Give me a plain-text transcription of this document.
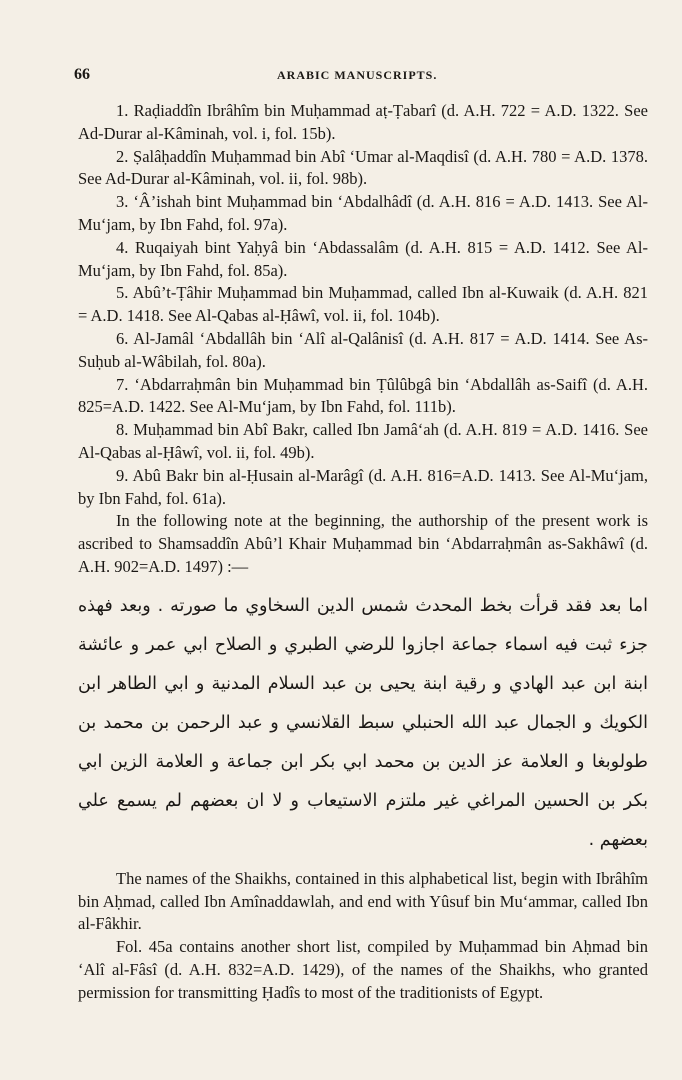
66	ARABIC MANUSCRIPTS.

1. Raḍiaddîn Ibrâhîm bin Muḥammad aṭ-Ṭabarî (d. A.H. 722 = A.D. 1322. See Ad-Durar al-Kâminah, vol. i, fol. 15b).

2. Ṣalâḥaddîn Muḥammad bin Abî ‘Umar al-Maqdisî (d. A.H. 780 = A.D. 1378. See Ad-Durar al-Kâminah, vol. ii, fol. 98b).

3. ‘Â’ishah bint Muḥammad bin ‘Abdalhâdî (d. A.H. 816 = A.D. 1413. See Al-Mu‘jam, by Ibn Fahd, fol. 97a).

4. Ruqaiyah bint Yaḥyâ bin ‘Abdassalâm (d. A.H. 815 = A.D. 1412. See Al-Mu‘jam, by Ibn Fahd, fol. 85a).

5. Abû’t-Ṭâhir Muḥammad bin Muḥammad, called Ibn al-Kuwaik (d. A.H. 821 = A.D. 1418. See Al-Qabas al-Ḥâwî, vol. ii, fol. 104b).

6. Al-Jamâl ‘Abdallâh bin ‘Alî al-Qalânisî (d. A.H. 817 = A.D. 1414. See As-Suḥub al-Wâbilah, fol. 80a).

7. ‘Abdarraḥmân bin Muḥammad bin Ṭûlûbgâ bin ‘Abdallâh as-Saifî (d. A.H. 825=A.D. 1422. See Al-Mu‘jam, by Ibn Fahd, fol. 111b).

8. Muḥammad bin Abî Bakr, called Ibn Jamâ‘ah (d. A.H. 819 = A.D. 1416. See Al-Qabas al-Ḥâwî, vol. ii, fol. 49b).

9. Abû Bakr bin al-Ḥusain al-Marâgî (d. A.H. 816=A.D. 1413. See Al-Mu‘jam, by Ibn Fahd, fol. 61a).

In the following note at the beginning, the authorship of the present work is ascribed to Shamsaddîn Abû’l Khair Muḥammad bin ‘Abdarraḥmân as-Sakhâwî (d. A.H. 902=A.D. 1497) :—

اما بعد فقد قرأت بخط المحدث شمس الدين السخاوي ما صورته . وبعد فهذه جزء ثبت فيه اسماء جماعة اجازوا للرضي الطبري و الصلاح ابي عمر و عائشة ابنة ابن عبد الهادي و رقية ابنة يحيى بن عبد السلام المدنية و ابي الطاهر ابن الكويك و الجمال عبد الله الحنبلي سبط القلانسي و عبد الرحمن بن محمد بن طولوبغا و العلامة عز الدين بن محمد ابي بكر ابن جماعة و العلامة الزين ابي بكر بن الحسين المراغي غير ملتزم الاستيعاب و لا ان بعضهم لم يسمع علي بعضهم .

The names of the Shaikhs, contained in this alphabetical list, begin with Ibrâhîm bin Aḥmad, called Ibn Amînaddawlah, and end with Yûsuf bin Mu‘ammar, called Ibn al-Fâkhir.

Fol. 45a contains another short list, compiled by Muḥammad bin Aḥmad bin ‘Alî al-Fâsî (d. A.H. 832=A.D. 1429), of the names of the Shaikhs, who granted permission for transmitting Ḥadîs to most of the traditionists of Egypt.
